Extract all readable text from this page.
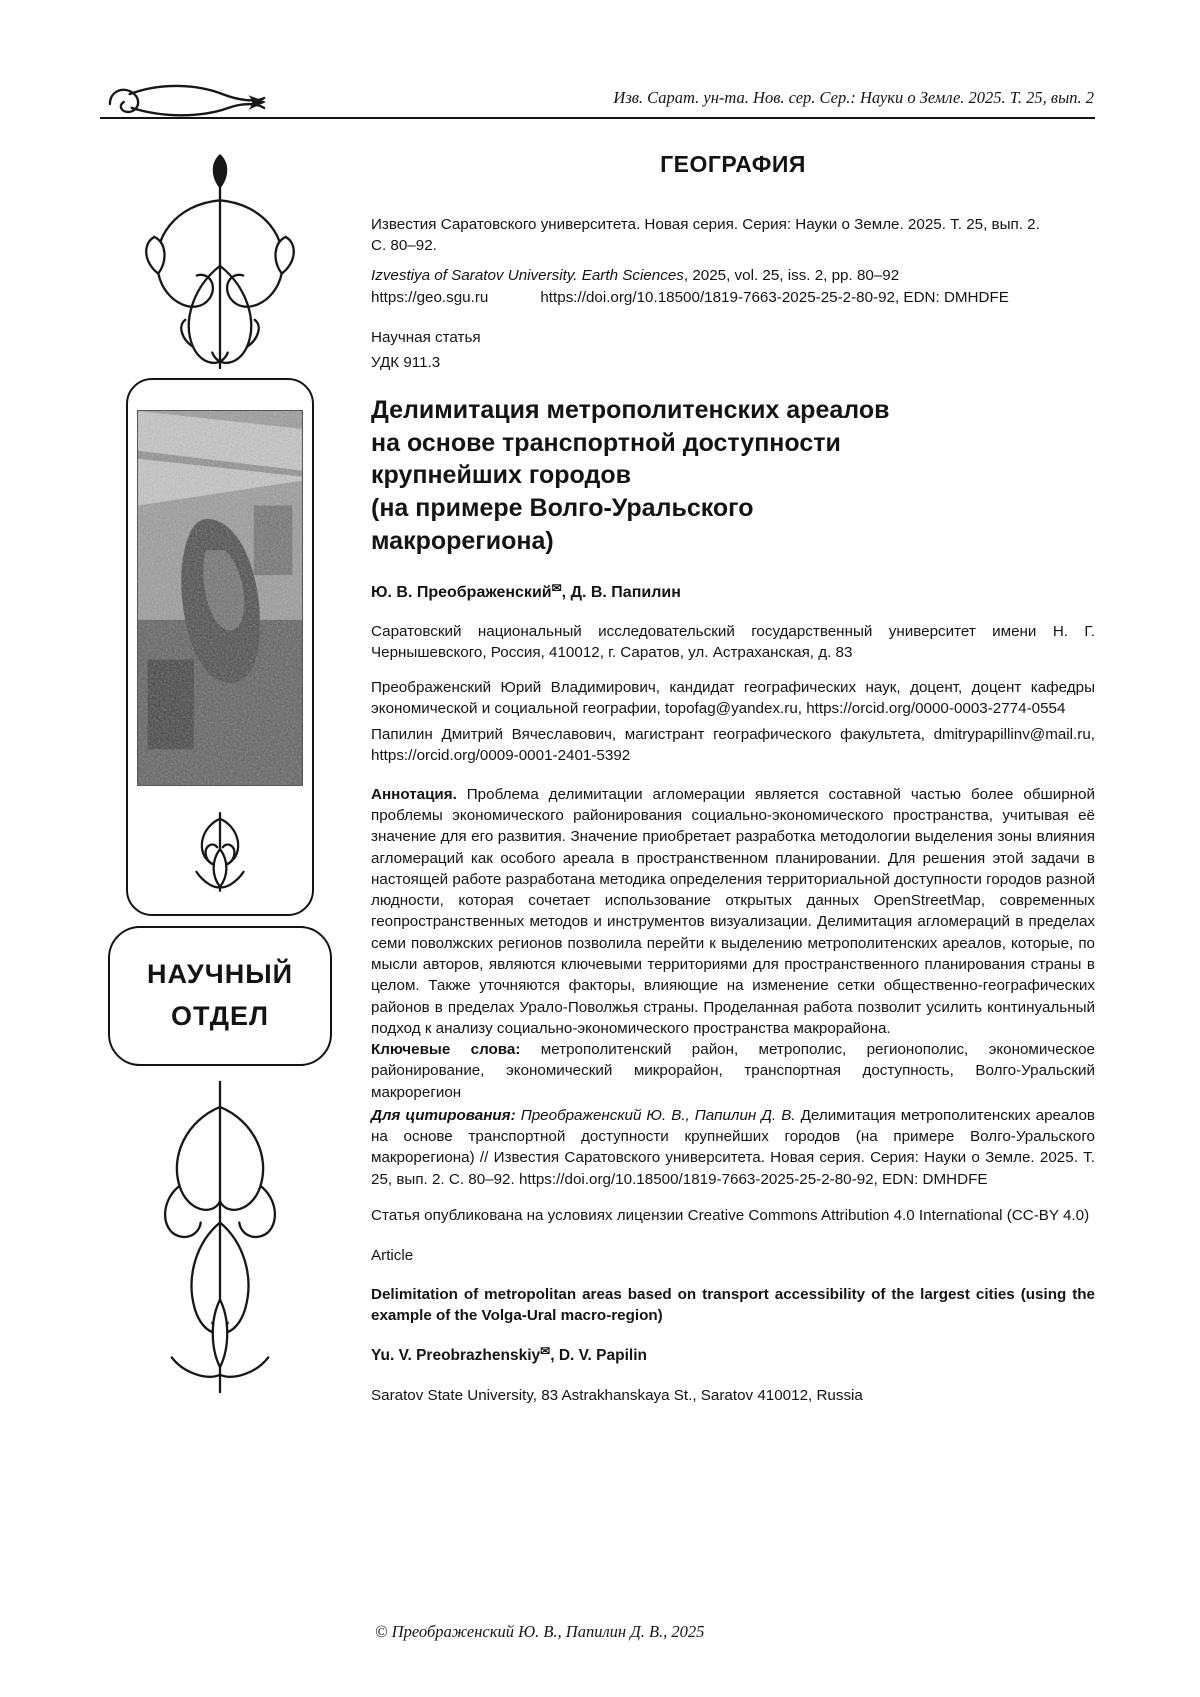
Изв. Сарат. ун-та. Нов. сер. Сер.: Науки о Земле. 2025. Т. 25, вып. 2
НАУЧНЫЙ
ОТДЕЛ
ГЕОГРАФИЯ

Известия Саратовского университета. Новая серия. Серия: Науки о Земле. 2025. Т. 25, вып. 2. С. 80–92.

Izvestiya of Saratov University. Earth Sciences, 2025, vol. 25, iss. 2, pp. 80–92

https://geo.sgu.ru	https://doi.org/10.18500/1819-7663-2025-25-2-80-92, EDN: DMHDFE

Научная статья

УДК 911.3

Делимитация метрополитенских ареалов
на основе транспортной доступности
крупнейших городов
(на примере Волго-Уральского
макрорегиона)

Ю. В. Преображенский✉, Д. В. Папилин

Саратовский национальный исследовательский государственный университет имени Н. Г. Чернышевского, Россия, 410012, г. Саратов, ул. Астраханская, д. 83

Преображенский Юрий Владимирович, кандидат географических наук, доцент, доцент кафедры экономической и социальной географии, topofag@yandex.ru, https://orcid.org/0000-0003-2774-0554

Папилин Дмитрий Вячеславович, магистрант географического факультета, dmitrypapillinv@mail.ru, https://orcid.org/0009-0001-2401-5392

Аннотация. Проблема делимитации агломерации является составной частью более обширной проблемы экономического районирования социально-экономического пространства, учитывая её значение для его развития. Значение приобретает разработка методологии выделения зоны влияния агломераций как особого ареала в пространственном планировании. Для решения этой задачи в настоящей работе разработана методика определения территориальной доступности городов разной людности, которая сочетает использование открытых данных OpenStreetMap, современных геопространственных методов и инструментов визуализации. Делимитация агломераций в пределах семи поволжских регионов позволила перейти к выделению метрополитенских ареалов, которые, по мысли авторов, являются ключевыми территориями для пространственного планирования страны в целом. Также уточняются факторы, влияющие на изменение сетки общественно-географических районов в пределах Урало-Поволжья страны. Проделанная работа позволит усилить континуальный подход к анализу социально-экономического пространства макрорайона.

Ключевые слова: метрополитенский район, метрополис, регионополис, экономическое районирование, экономический микрорайон, транспортная доступность, Волго-Уральский макрорегион

Для цитирования: Преображенский Ю. В., Папилин Д. В. Делимитация метрополитенских ареалов на основе транспортной доступности крупнейших городов (на примере Волго-Уральского макрорегиона) // Известия Саратовского университета. Новая серия. Серия: Науки о Земле. 2025. Т. 25, вып. 2. С. 80–92. https://doi.org/10.18500/1819-7663-2025-25-2-80-92, EDN: DMHDFE

Статья опубликована на условиях лицензии Creative Commons Attribution 4.0 International (CC-BY 4.0)

Article

Delimitation of metropolitan areas based on transport accessibility of the largest cities (using the example of the Volga-Ural macro-region)

Yu. V. Preobrazhenskiy✉, D. V. Papilin

Saratov State University, 83 Astrakhanskaya St., Saratov 410012, Russia

© Преображенский Ю. В., Папилин Д. В., 2025
